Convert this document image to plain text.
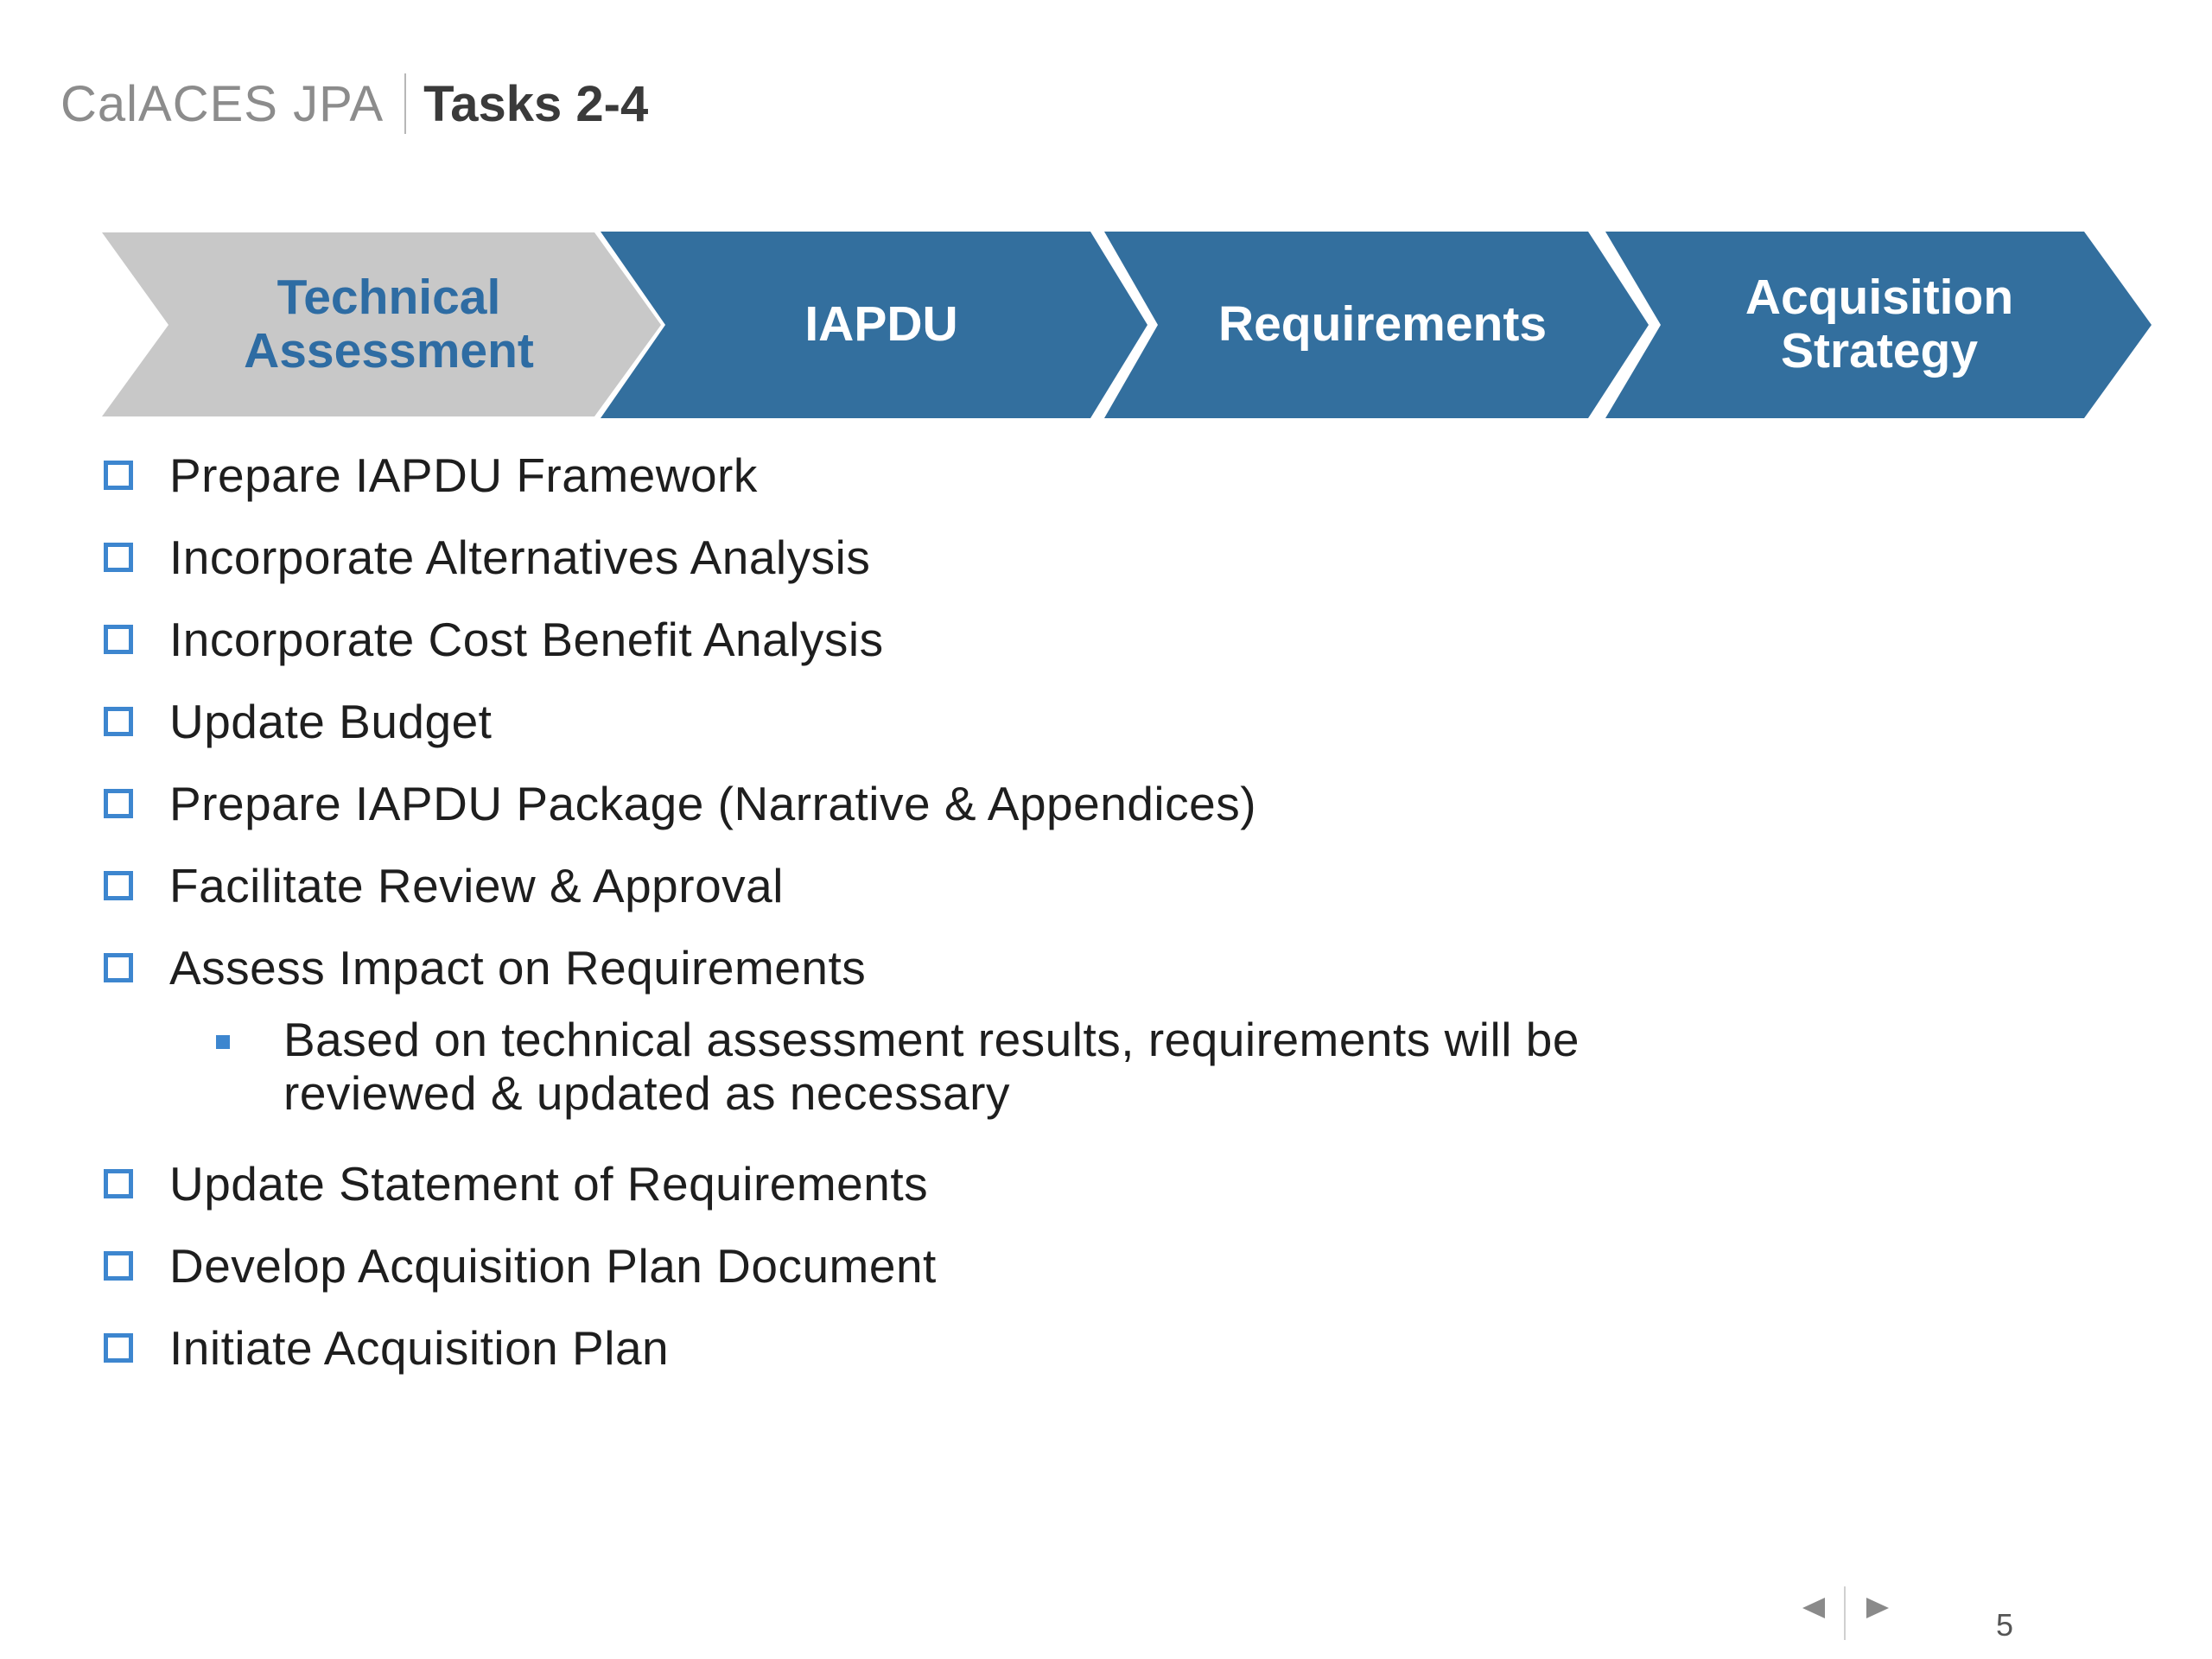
CalACES JPA Tasks 2-4
Technical
Assessment	IAPDU	Requirements	Acquisition
Strategy
Prepare IAPDU Framework
Incorporate Alternatives Analysis
Incorporate Cost Benefit Analysis
Update Budget
Prepare IAPDU Package (Narrative & Appendices)
Facilitate Review & Approval
Assess Impact on Requirements
Based on technical assessment results, requirements will be reviewed & updated as necessary
Update Statement of Requirements
Develop Acquisition Plan Document
Initiate Acquisition Plan
5
